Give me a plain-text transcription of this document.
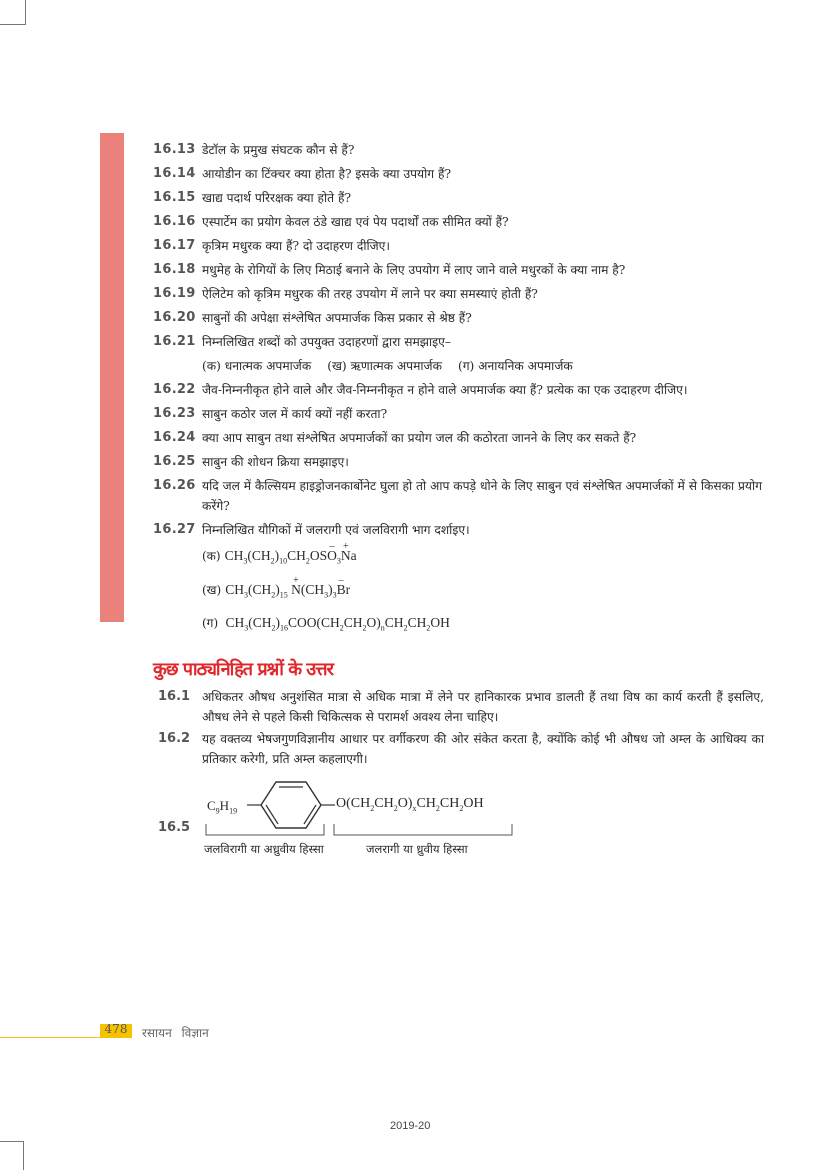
16.13 डेटॉल के प्रमुख संघटक कौन से हैं?
16.14 आयोडीन का टिंक्चर क्या होता है? इसके क्या उपयोग हैं?
16.15 खाद्य पदार्थ परिरक्षक क्या होते हैं?
16.16 एस्पार्टेम का प्रयोग केवल ठंडे खाद्य एवं पेय पदार्थों तक सीमित क्यों हैं?
16.17 कृत्रिम मधुरक क्या हैं? दो उदाहरण दीजिए।
16.18 मधुमेह के रोगियों के लिए मिठाई बनाने के लिए उपयोग में लाए जाने वाले मधुरकों के क्या नाम है?
16.19 ऐलिटेम को कृत्रिम मधुरक की तरह उपयोग में लाने पर क्या समस्याएं होती हैं?
16.20 साबुनों की अपेक्षा संश्लेषित अपमार्जक किस प्रकार से श्रेष्ठ हैं?
16.21 निम्नलिखित शब्दों को उपयुक्त उदाहरणों द्वारा समझाइए–
(क) धनात्मक अपमार्जक (ख) ऋणात्मक अपमार्जक (ग) अनायनिक अपमार्जक
16.22 जैव-निम्ननीकृत होने वाले और जैव-निम्ननीकृत न होने वाले अपमार्जक क्या हैं? प्रत्येक का एक उदाहरण दीजिए।
16.23 साबुन कठोर जल में कार्य क्यों नहीं करता?
16.24 क्या आप साबुन तथा संश्लेषित अपमार्जकों का प्रयोग जल की कठोरता जानने के लिए कर सकते हैं?
16.25 साबुन की शोधन क्रिया समझाइए।
16.26 यदि जल में कैल्सियम हाइड्रोजनकार्बोनेट घुला हो तो आप कपड़े धोने के लिए साबुन एवं संश्लेषित अपमार्जकों में से किसका प्रयोग करेंगे?
16.27 निम्नलिखित यौगिकों में जलरागी एवं जलविरागी भाग दर्शाइए।
(क) $CH_3(CH_2)_{10}CH_2OS-$ $O_3+ Na$
(ख) $CH_3(CH_2)_{15} + N(CH_3)_3-$ Br
(ग) $CH_3(CH_2)_{16}COO(CH_2CH_2O)_nCH_2CH_2OH$
कुछ पाठ्यनिहित प्रश्नों के उत्तर
16.1 अधिकतर औषध अनुशंसित मात्रा से अधिक मात्रा में लेने पर हानिकारक प्रभाव डालती हैं तथा विष का कार्य करती हैं इसलिए, औषध लेने से पहले किसी चिकित्सक से परामर्श अवश्य लेना चाहिए।
16.2 यह वक्तव्य भेषजगुणविज्ञानीय आधार पर वर्गीकरण की ओर संकेत करता है, क्योंकि कोई भी औषध जो अम्ल के आधिक्य का प्रतिकार करेगी, प्रति अम्ल कहलाएगी।
16.5
$C_9H_{19}$
$O(CH_2CH_2O)_xCH_2CH_2OH$
जलविरागी या अध्रुवीय हिस्सा	जलरागी या ध्रुवीय हिस्सा
478	रसायन विज्ञान
2019-20
